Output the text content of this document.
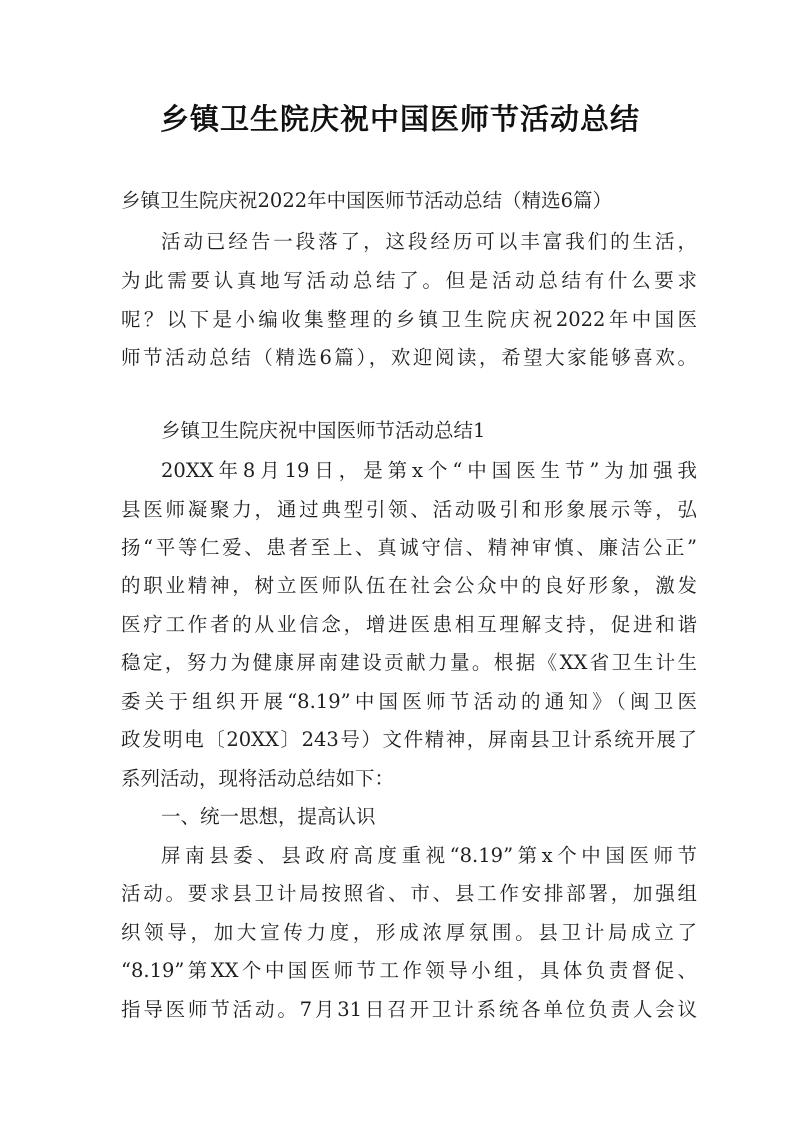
乡镇卫生院庆祝中国医师节活动总结
乡镇卫生院庆祝2022年中国医师节活动总结（精选6篇）
活动已经告一段落了，这段经历可以丰富我们的生活，
为此需要认真地写活动总结了。但是活动总结有什么要求
呢？以下是小编收集整理的乡镇卫生院庆祝2022年中国医
师节活动总结（精选6篇），欢迎阅读，希望大家能够喜欢。
乡镇卫生院庆祝中国医师节活动总结1
20XX年8月19日，是第x个“中国医生节”为加强我
县医师凝聚力，通过典型引领、活动吸引和形象展示等，弘
扬“平等仁爱、患者至上、真诚守信、精神审慎、廉洁公正”
的职业精神，树立医师队伍在社会公众中的良好形象，激发
医疗工作者的从业信念，增进医患相互理解支持，促进和谐
稳定，努力为健康屏南建设贡献力量。根据《XX省卫生计生
委关于组织开展“8.19”中国医师节活动的通知》（闽卫医
政发明电〔20XX〕243号）文件精神，屏南县卫计系统开展了
系列活动，现将活动总结如下：
一、统一思想，提高认识
屏南县委、县政府高度重视“8.19”第x个中国医师节
活动。要求县卫计局按照省、市、县工作安排部署，加强组
织领导，加大宣传力度，形成浓厚氛围。县卫计局成立了
“8.19”第XX个中国医师节工作领导小组，具体负责督促、
指导医师节活动。7月31日召开卫计系统各单位负责人会议
